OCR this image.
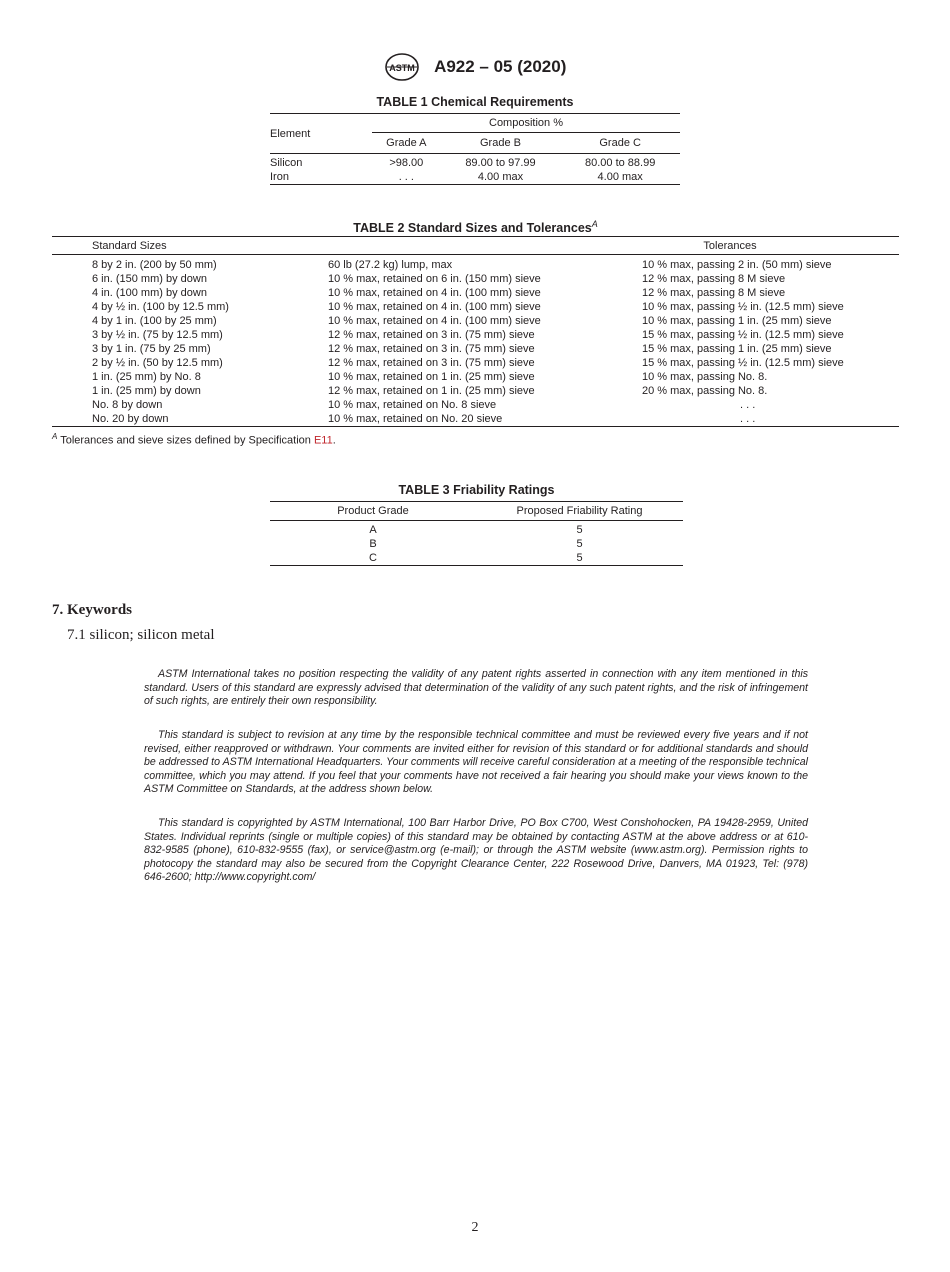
ASTM A922 – 05 (2020)
TABLE 1 Chemical Requirements
Element	Composition %		
	Grade A	Grade B	Grade C
Silicon	>98.00	89.00 to 97.99	80.00 to 88.99
Iron	. . .	4.00 max	4.00 max
TABLE 2 Standard Sizes and Tolerances$^A$
Standard Sizes	Tolerances	
8 by 2 in. (200 by 50 mm)	60 lb (27.2 kg) lump, max	10 % max, passing 2 in. (50 mm) sieve
6 in. (150 mm) by down	10 % max, retained on 6 in. (150 mm) sieve	12 % max, passing 8 M sieve
4 in. (100 mm) by down	10 % max, retained on 4 in. (100 mm) sieve	12 % max, passing 8 M sieve
4 by ½ in. (100 by 12.5 mm)	10 % max, retained on 4 in. (100 mm) sieve	10 % max, passing ½ in. (12.5 mm) sieve
4 by 1 in. (100 by 25 mm)	10 % max, retained on 4 in. (100 mm) sieve	10 % max, passing 1 in. (25 mm) sieve
3 by ½ in. (75 by 12.5 mm)	12 % max, retained on 3 in. (75 mm) sieve	15 % max, passing ½ in. (12.5 mm) sieve
3 by 1 in. (75 by 25 mm)	12 % max, retained on 3 in. (75 mm) sieve	15 % max, passing 1 in. (25 mm) sieve
2 by ½ in. (50 by 12.5 mm)	12 % max, retained on 3 in. (75 mm) sieve	15 % max, passing ½ in. (12.5 mm) sieve
1 in. (25 mm) by No. 8	10 % max, retained on 1 in. (25 mm) sieve	10 % max, passing No. 8.
1 in. (25 mm) by down	12 % max, retained on 1 in. (25 mm) sieve	20 % max, passing No. 8.
No. 8 by down	10 % max, retained on No. 8 sieve	. . .
No. 20 by down	10 % max, retained on No. 20 sieve	. . .
$^A$ Tolerances and sieve sizes defined by Specification E11.
TABLE 3 Friability Ratings
Product Grade	Proposed Friability Rating
A	5
B	5
C	5
7. Keywords
7.1 silicon; silicon metal

ASTM International takes no position respecting the validity of any patent rights asserted in connection with any item mentioned in this standard. Users of this standard are expressly advised that determination of the validity of any such patent rights, and the risk of infringement of such rights, are entirely their own responsibility.

This standard is subject to revision at any time by the responsible technical committee and must be reviewed every five years and if not revised, either reapproved or withdrawn. Your comments are invited either for revision of this standard or for additional standards and should be addressed to ASTM International Headquarters. Your comments will receive careful consideration at a meeting of the responsible technical committee, which you may attend. If you feel that your comments have not received a fair hearing you should make your views known to the ASTM Committee on Standards, at the address shown below.

This standard is copyrighted by ASTM International, 100 Barr Harbor Drive, PO Box C700, West Conshohocken, PA 19428-2959, United States. Individual reprints (single or multiple copies) of this standard may be obtained by contacting ASTM at the above address or at 610-832-9585 (phone), 610-832-9555 (fax), or service@astm.org (e-mail); or through the ASTM website (www.astm.org). Permission rights to photocopy the standard may also be secured from the Copyright Clearance Center, 222 Rosewood Drive, Danvers, MA 01923, Tel: (978) 646-2600; http://www.copyright.com/

2
